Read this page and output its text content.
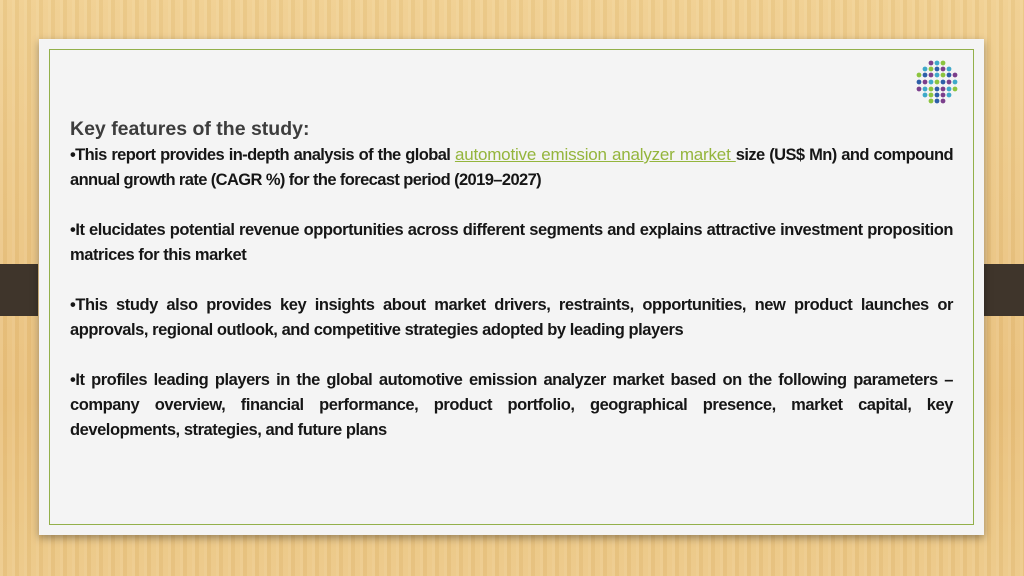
Key features of the study:

•This report provides in-depth analysis of the global automotive emission analyzer market size (US$ Mn) and compound annual growth rate (CAGR %) for the forecast period (2019–2027)

•It elucidates potential revenue opportunities across different segments and explains attractive investment proposition matrices for this market

•This study also provides key insights about market drivers, restraints, opportunities, new product launches or approvals, regional outlook, and competitive strategies adopted by leading players

•It profiles leading players in the global automotive emission analyzer market based on the following parameters – company overview, financial performance, product portfolio, geographical presence, market capital, key developments, strategies, and future plans
